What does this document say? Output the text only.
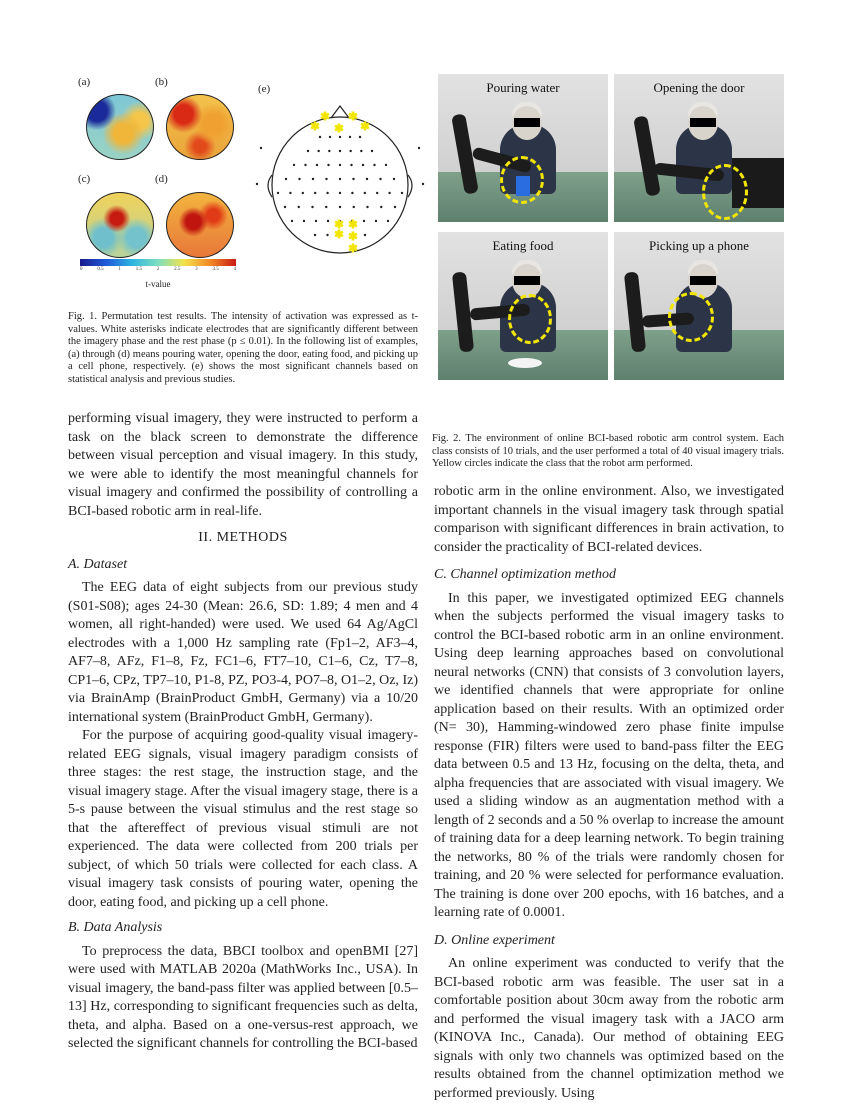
(a)	(b)
(c)	(d)
(e)
0	0.5	1	1.5	2	2.5	3	3.5	4
t-value
✱ ✱
✱ ✱ ✱
✱ ✱
✱ ✱
✱
Fig. 1. Permutation test results. The intensity of activation was expressed as t-values. White asterisks indicate electrodes that are significantly different between the imagery phase and the rest phase (p ≤ 0.01). In the following list of examples, (a) through (d) means pouring water, opening the door, eating food, and picking up a cell phone, respectively. (e) shows the most significant channels based on statistical analysis and previous studies.
Pouring water	Opening the door
Eating food	Picking up a phone
Fig. 2. The environment of online BCI-based robotic arm control system. Each class consists of 10 trials, and the user performed a total of 40 visual imagery trials. Yellow circles indicate the class that the robot arm performed.

performing visual imagery, they were instructed to perform a task on the black screen to demonstrate the difference between visual perception and visual imagery. In this study, we were able to identify the most meaningful channels for visual imagery and confirmed the possibility of controlling a BCI-based robotic arm in real-life.

II. METHODS
A. Dataset

The EEG data of eight subjects from our previous study (S01-S08); ages 24-30 (Mean: 26.6, SD: 1.89; 4 men and 4 women, all right-handed) were used. We used 64 Ag/AgCl electrodes with a 1,000 Hz sampling rate (Fp1–2, AF3–4, AF7–8, AFz, F1–8, Fz, FC1–6, FT7–10, C1–6, Cz, T7–8, CP1–6, CPz, TP7–10, P1-8, PZ, PO3-4, PO7–8, O1–2, Oz, Iz) via BrainAmp (BrainProduct GmbH, Germany) via a 10/20 international system (BrainProduct GmbH, Germany).

For the purpose of acquiring good-quality visual imagery-related EEG signals, visual imagery paradigm consists of three stages: the rest stage, the instruction stage, and the visual imagery stage. After the visual imagery stage, there is a 5-s pause between the visual stimulus and the rest stage so that the aftereffect of previous visual stimuli are not experienced. The data were collected from 200 trials per subject, of which 50 trials were collected for each class. A visual imagery task consists of pouring water, opening the door, eating food, and picking up a cell phone.

B. Data Analysis

To preprocess the data, BBCI toolbox and openBMI [27] were used with MATLAB 2020a (MathWorks Inc., USA). In visual imagery, the band-pass filter was applied between [0.5–13] Hz, corresponding to significant frequencies such as delta, theta, and alpha. Based on a one-versus-rest approach, we selected the significant channels for controlling the BCI-based

robotic arm in the online environment. Also, we investigated important channels in the visual imagery task through spatial comparison with significant differences in brain activation, to consider the practicality of BCI-related devices.

C. Channel optimization method

In this paper, we investigated optimized EEG channels when the subjects performed the visual imagery tasks to control the BCI-based robotic arm in an online environment. Using deep learning approaches based on convolutional neural networks (CNN) that consists of 3 convolution layers, we identified channels that were appropriate for online application based on their results. With an optimized order (N= 30), Hamming-windowed zero phase finite impulse response (FIR) filters were used to band-pass filter the EEG data between 0.5 and 13 Hz, focusing on the delta, theta, and alpha frequencies that are associated with visual imagery. We used a sliding window as an augmentation method with a length of 2 seconds and a 50 % overlap to increase the amount of training data for a deep learning network. To begin training the networks, 80 % of the trials were randomly chosen for training, and 20 % were selected for performance evaluation. The training is done over 200 epochs, with 16 batches, and a learning rate of 0.0001.

D. Online experiment

An online experiment was conducted to verify that the BCI-based robotic arm was feasible. The user sat in a comfortable position about 30cm away from the robotic arm and performed the visual imagery task with a JACO arm (KINOVA Inc., Canada). Our method of obtaining EEG signals with only two channels was optimized based on the results obtained from the channel optimization method we performed previously. Using
